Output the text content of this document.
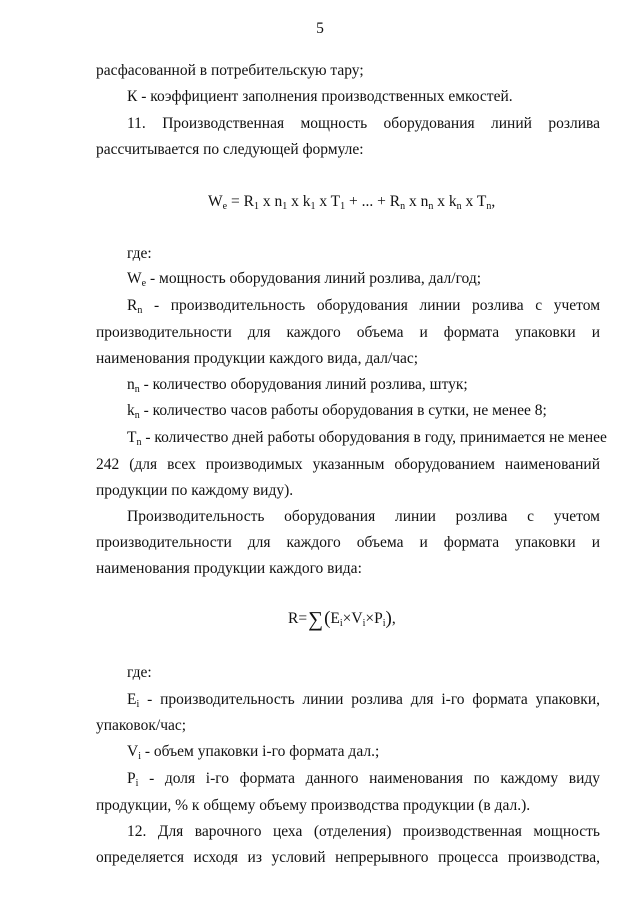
5
расфасованной в потребительскую тару;
К - коэффициент заполнения производственных емкостей.
11. Производственная мощность оборудования линий розлива
рассчитывается по следующей формуле:
$W_e = R_1$ x $n_1$ x $k_1$ x $T_1$ + ... + $R_n$ x $n_n$ x $k_n$ x $T_n$,
где:
$W_e$ - мощность оборудования линий розлива, дал/год;
$R_n$ - производительность оборудования линии розлива с учетом
производительности для каждого объема и формата упаковки и
наименования продукции каждого вида, дал/час;
$n_n$ - количество оборудования линий розлива, штук;
$k_n$ - количество часов работы оборудования в сутки, не менее 8;
$T_n$ - количество дней работы оборудования в году, принимается не менее
242 (для всех производимых указанным оборудованием наименований
продукции по каждому виду).
Производительность оборудования линии розлива с учетом
производительности для каждого объема и формата упаковки и
наименования продукции каждого вида:
$R=\sum(E_i\times V_i\times P_i)$,
где:
$E_i$ - производительность линии розлива для i-го формата упаковки,
упаковок/час;
$V_i$ - объем упаковки i-го формата дал.;
$P_i$ - доля i-го формата данного наименования по каждому виду
продукции, % к общему объему производства продукции (в дал.).
12. Для варочного цеха (отделения) производственная мощность
определяется исходя из условий непрерывного процесса производства,
